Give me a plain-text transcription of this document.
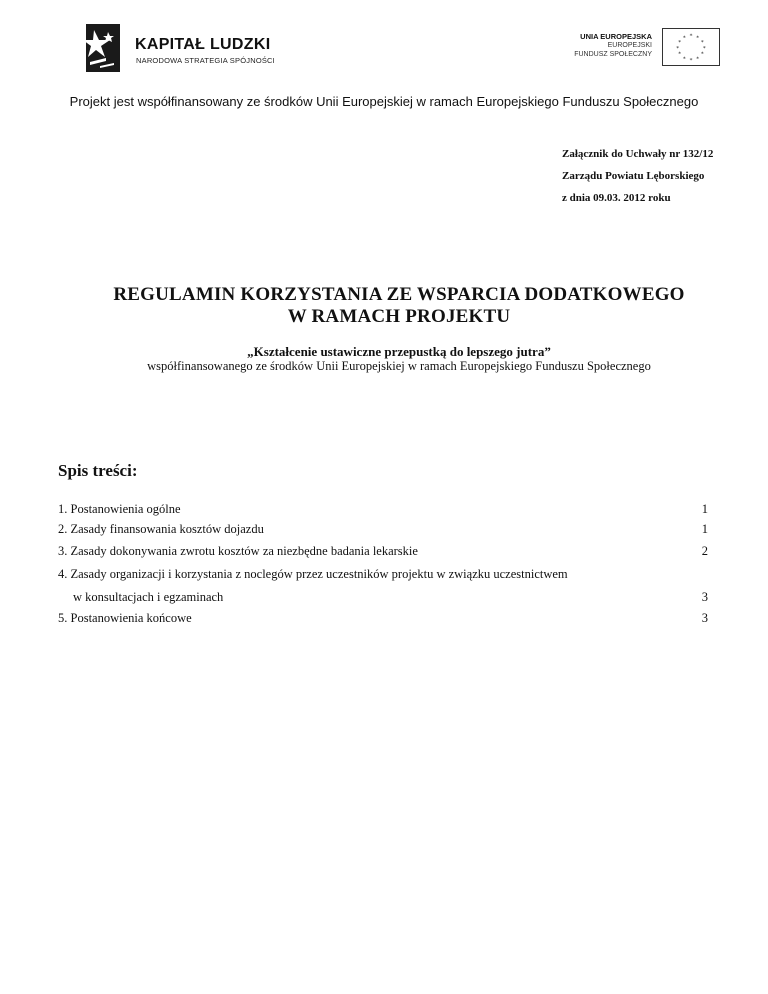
KAPITAŁ LUDZKI
NARODOWA STRATEGIA SPÓJNOŚCI
UNIA EUROPEJSKA
EUROPEJSKI
FUNDUSZ SPOŁECZNY
* *
*
*
*
*
*
*
*
*
*
*
Projekt jest współfinansowany ze środków Unii Europejskiej w ramach Europejskiego Funduszu Społecznego
Załącznik do Uchwały nr 132/12
Zarządu Powiatu Lęborskiego
z dnia 09.03. 2012 roku
REGULAMIN KORZYSTANIA ZE WSPARCIA DODATKOWEGO
W RAMACH PROJEKTU
„Kształcenie ustawiczne przepustką do lepszego jutra”
współfinansowanego ze środków Unii Europejskiej w ramach Europejskiego Funduszu Społecznego
Spis treści:
1. Postanowienia ogólne	1
2. Zasady finansowania kosztów dojazdu	1
3. Zasady dokonywania zwrotu kosztów za niezbędne badania lekarskie	2
4. Zasady organizacji i korzystania z noclegów przez uczestników projektu w związku uczestnictwem
w konsultacjach i egzaminach	3
5. Postanowienia końcowe	3
